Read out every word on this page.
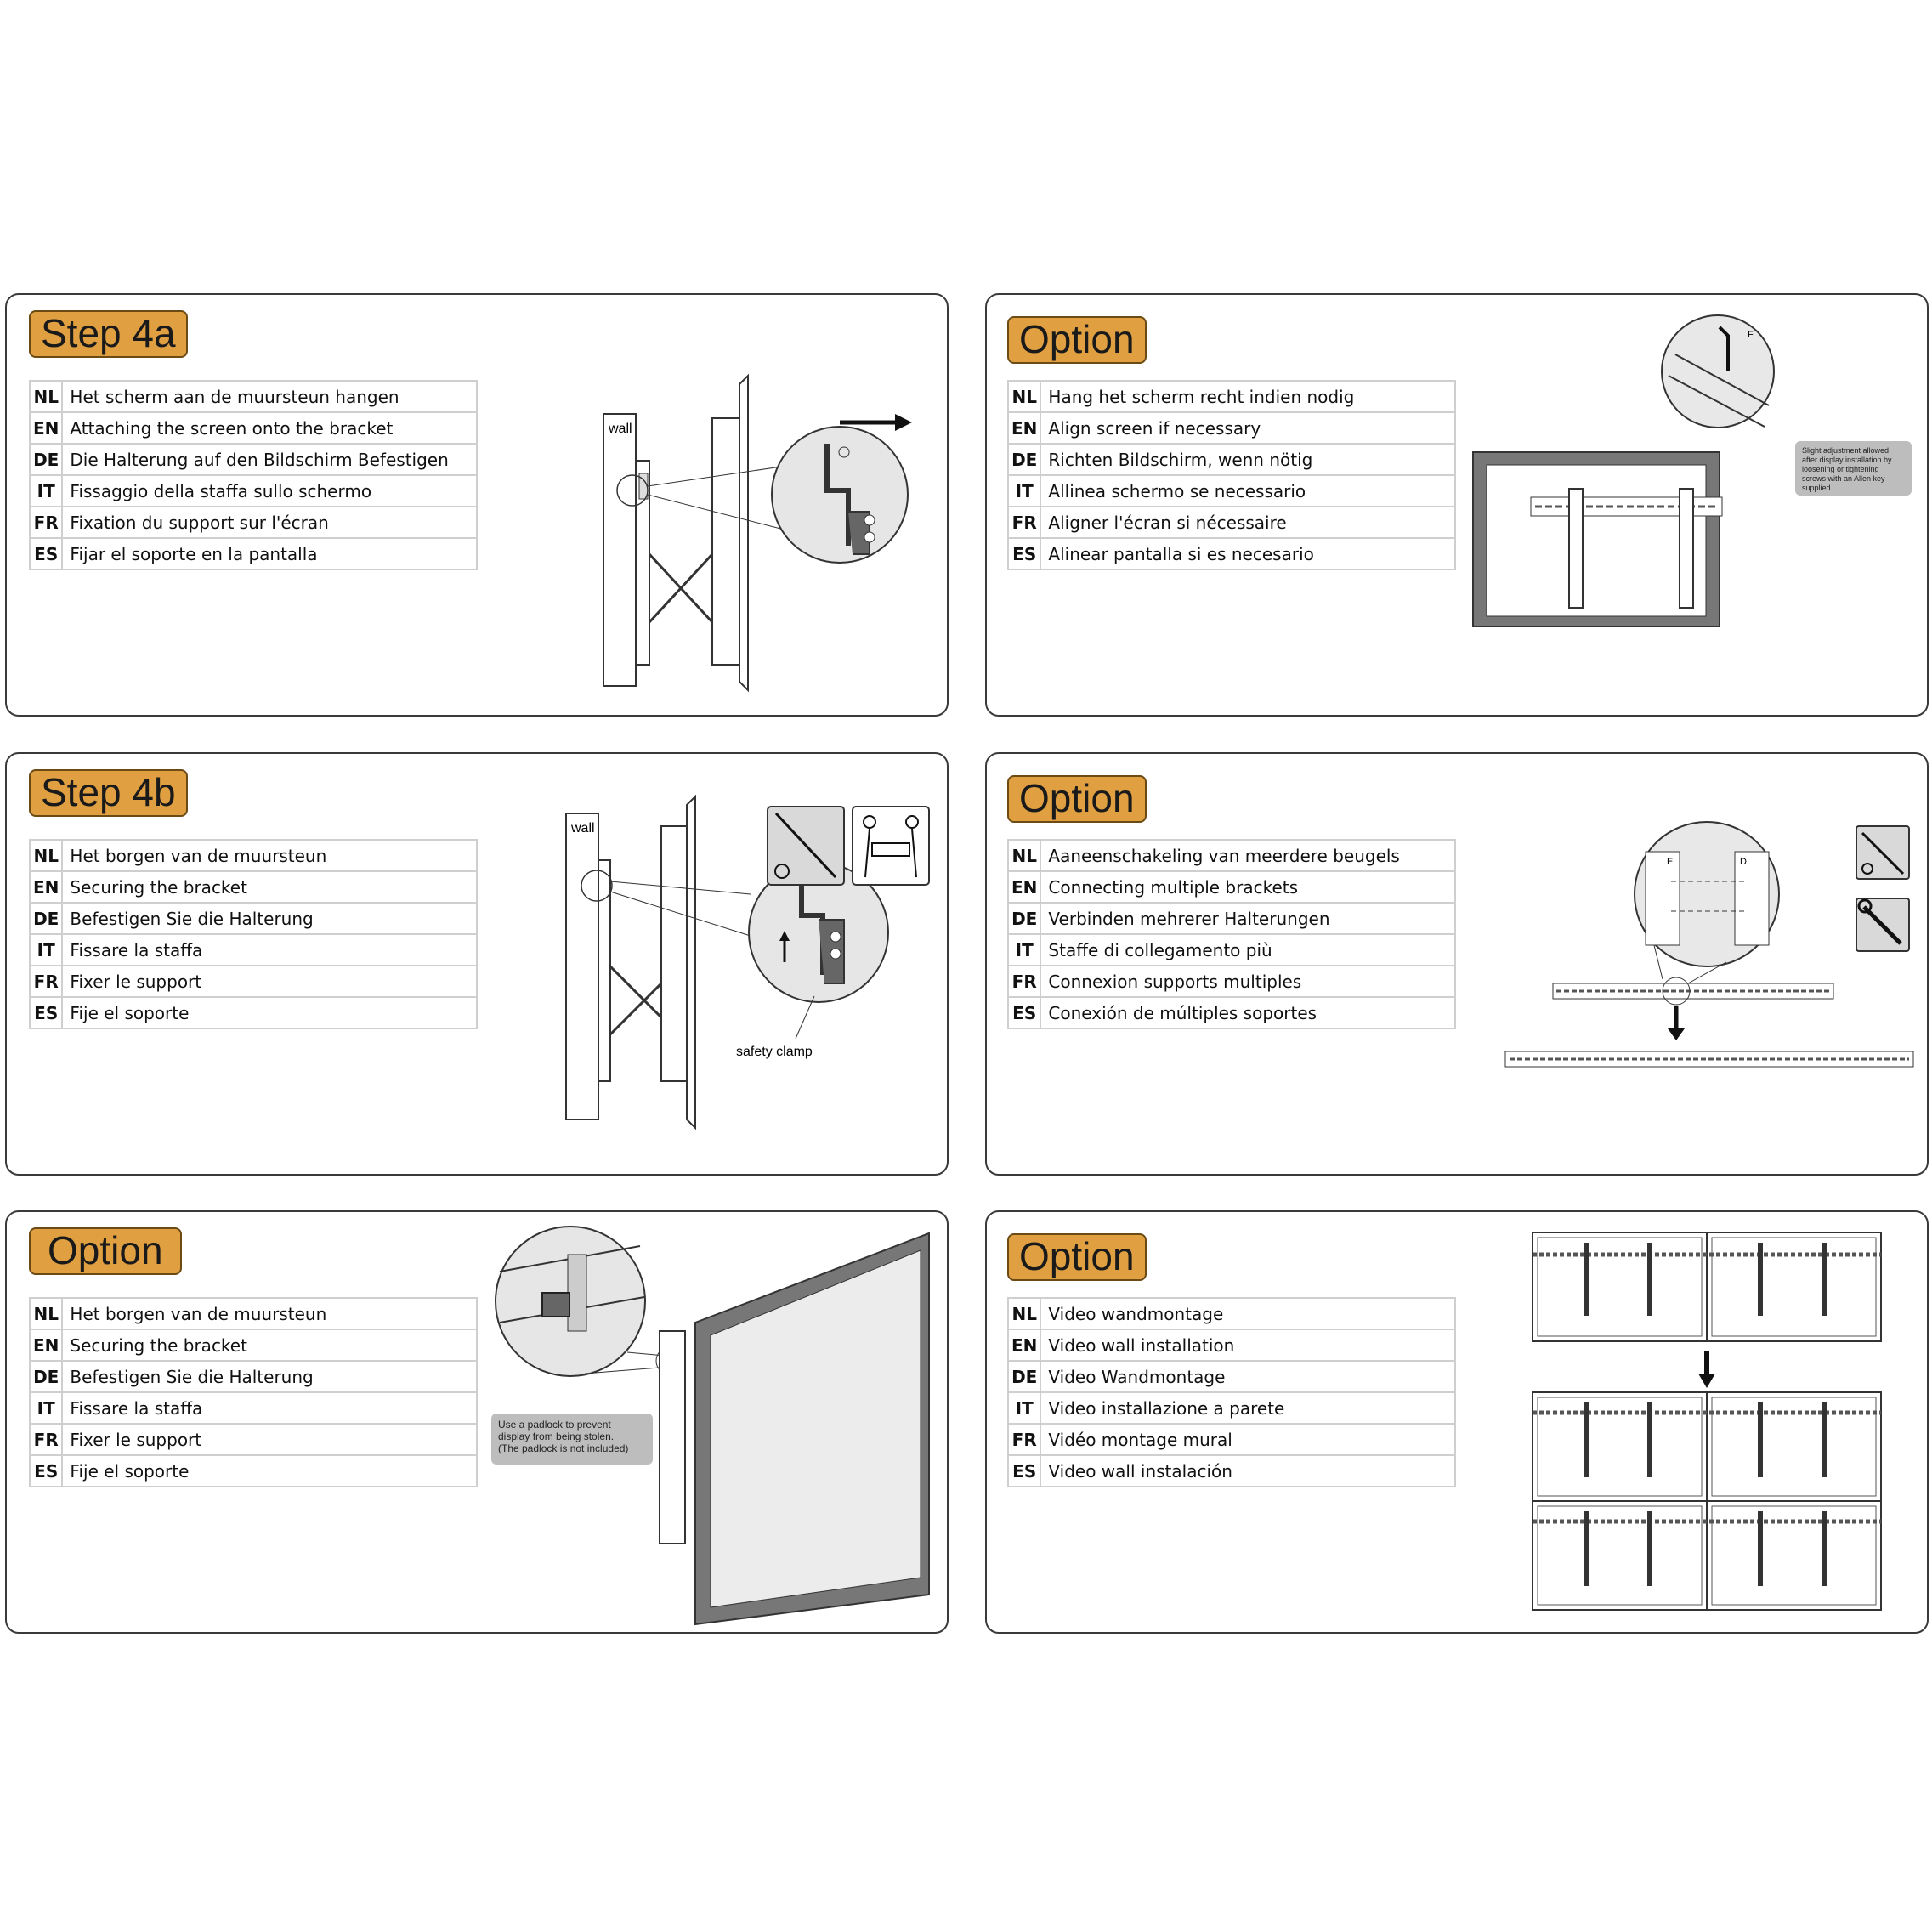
Step 4a
NL	Het scherm aan de muursteun hangen
EN	Attaching the screen onto the bracket
DE	Die Halterung auf den Bildschirm Befestigen
IT	Fissaggio della staffa sullo schermo
FR	Fixation du support sur l'écran
ES	Fijar el soporte en la pantalla
wall
Option
NL	Hang het scherm recht indien nodig
EN	Align screen if necessary
DE	Richten Bildschirm, wenn nötig
IT	Allinea schermo se necessario
FR	Aligner l'écran si nécessaire
ES	Alinear pantalla si es necesario
F
Slight adjustment allowed after display installation by loosening or tightening screws with an Allen key supplied.
Step 4b
NL	Het borgen van de muursteun
EN	Securing the bracket
DE	Befestigen Sie die Halterung
IT	Fissare la staffa
FR	Fixer le support
ES	Fije el soporte
wall
safety clamp
Option
NL	Aaneenschakeling van meerdere beugels
EN	Connecting multiple brackets
DE	Verbinden mehrerer Halterungen
IT	Staffe di collegamento più
FR	Connexion supports multiples
ES	Conexión de múltiples soportes
E	D
Option
NL	Het borgen van de muursteun
EN	Securing the bracket
DE	Befestigen Sie die Halterung
IT	Fissare la staffa
FR	Fixer le support
ES	Fije el soporte
Use a padlock to prevent
display from being stolen.
(The padlock is not included)
Option
NL	Video wandmontage
EN	Video wall installation
DE	Video Wandmontage
IT	Video installazione a parete
FR	Vidéo montage mural
ES	Video wall instalación
